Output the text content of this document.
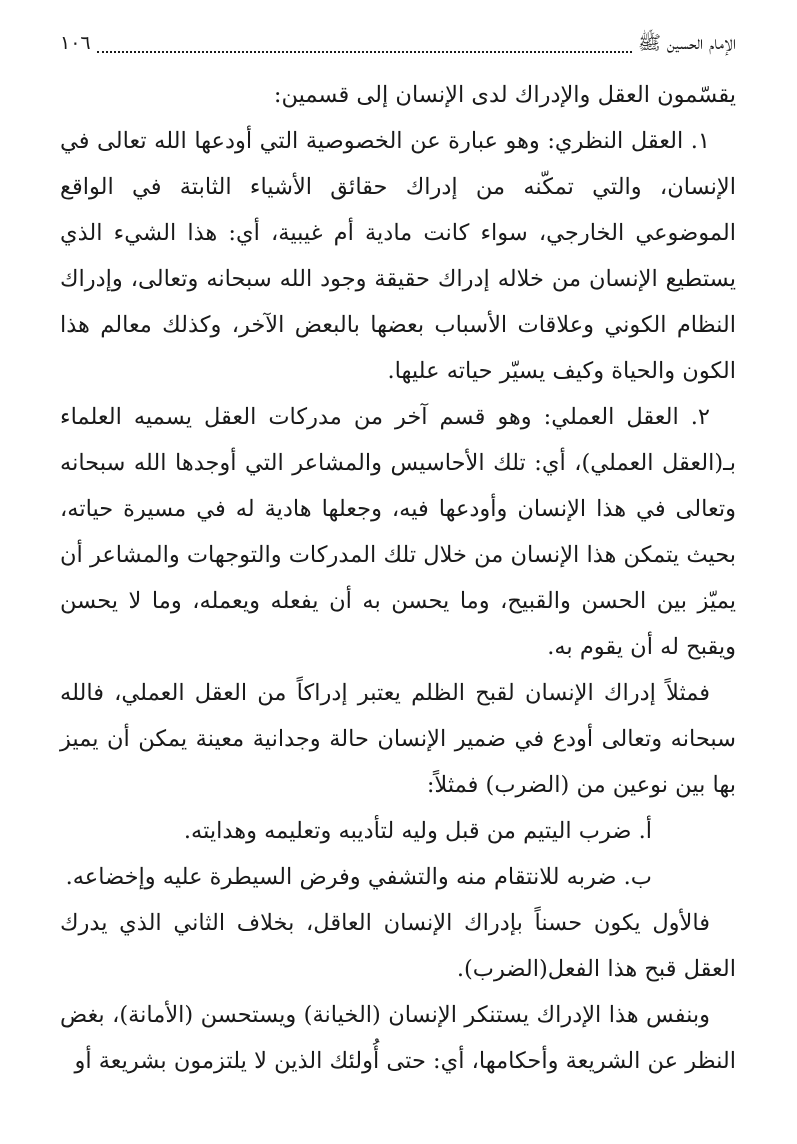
الإمام الحسين ﷺ
١٠٦

يقسّمون العقل والإدراك لدى الإنسان إلى قسمين:

١. العقل النظري: وهو عبارة عن الخصوصية التي أودعها الله تعالى في الإنسان، والتي تمكّنه من إدراك حقائق الأشياء الثابتة في الواقع الموضوعي الخارجي، سواء كانت مادية أم غيبية، أي: هذا الشيء الذي يستطيع الإنسان من خلاله إدراك حقيقة وجود الله سبحانه وتعالى، وإدراك النظام الكوني وعلاقات الأسباب بعضها بالبعض الآخر، وكذلك معالم هذا الكون والحياة وكيف يسيّر حياته عليها.

٢. العقل العملي: وهو قسم آخر من مدركات العقل يسميه العلماء بـ(العقل العملي)، أي: تلك الأحاسيس والمشاعر التي أوجدها الله سبحانه وتعالى في هذا الإنسان وأودعها فيه، وجعلها هادية له في مسيرة حياته، بحيث يتمكن هذا الإنسان من خلال تلك المدركات والتوجهات والمشاعر أن يميّز بين الحسن والقبيح، وما يحسن به أن يفعله ويعمله، وما لا يحسن ويقبح له أن يقوم به.

فمثلاً إدراك الإنسان لقبح الظلم يعتبر إدراكاً من العقل العملي، فالله سبحانه وتعالى أودع في ضمير الإنسان حالة وجدانية معينة يمكن أن يميز بها بين نوعين من (الضرب) فمثلاً:

أ. ضرب اليتيم من قبل وليه لتأديبه وتعليمه وهدايته.

ب. ضربه للانتقام منه والتشفي وفرض السيطرة عليه وإخضاعه.

فالأول يكون حسناً بإدراك الإنسان العاقل، بخلاف الثاني الذي يدرك العقل قبح هذا الفعل(الضرب).

وبنفس هذا الإدراك يستنكر الإنسان (الخيانة) ويستحسن (الأمانة)، بغض النظر عن الشريعة وأحكامها، أي: حتى أُولئك الذين لا يلتزمون بشريعة أو
